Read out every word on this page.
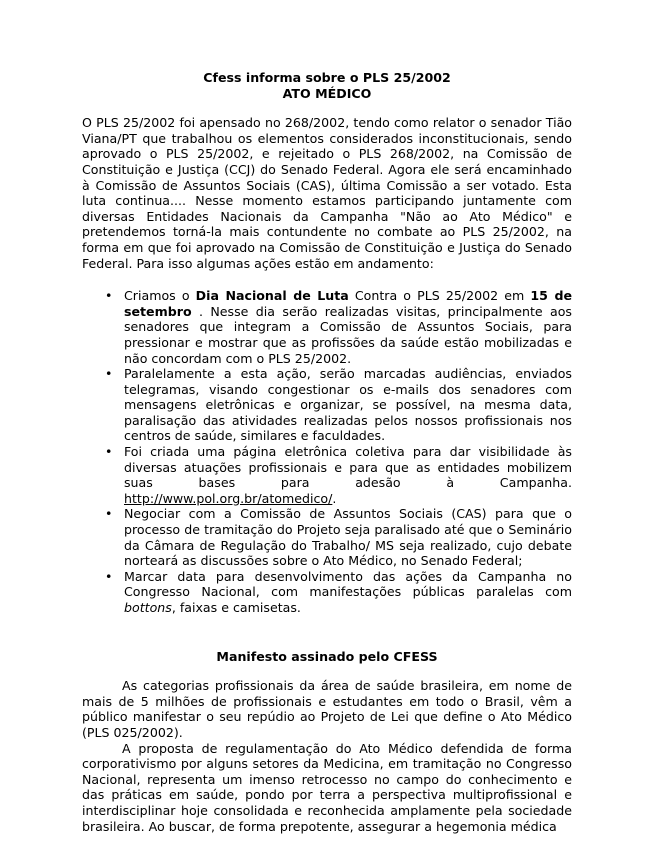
Cfess informa sobre o PLS 25/2002
ATO MÉDICO

O PLS 25/2002 foi apensado no 268/2002, tendo como relator o senador Tião Viana/PT que trabalhou os elementos considerados inconstitucionais, sendo aprovado o PLS 25/2002, e rejeitado o PLS 268/2002, na Comissão de Constituição e Justiça (CCJ) do Senado Federal. Agora ele será encaminhado à Comissão de Assuntos Sociais (CAS), última Comissão a ser votado. Esta luta continua.... Nesse momento estamos participando juntamente com diversas Entidades Nacionais da Campanha "Não ao Ato Médico" e pretendemos torná-la mais contundente no combate ao PLS 25/2002, na forma em que foi aprovado na Comissão de Constituição e Justiça do Senado Federal. Para isso algumas ações estão em andamento:

• Criamos o Dia Nacional de Luta Contra o PLS 25/2002 em 15 de setembro . Nesse dia serão realizadas visitas, principalmente aos senadores que integram a Comissão de Assuntos Sociais, para pressionar e mostrar que as profissões da saúde estão mobilizadas e não concordam com o PLS 25/2002.
• Paralelamente a esta ação, serão marcadas audiências, enviados telegramas, visando congestionar os e-mails dos senadores com mensagens eletrônicas e organizar, se possível, na mesma data, paralisação das atividades realizadas pelos nossos profissionais nos centros de saúde, similares e faculdades.
• Foi criada uma página eletrônica coletiva para dar visibilidade às diversas atuações profissionais e para que as entidades mobilizem suas bases para adesão à Campanha. http://www.pol.org.br/atomedico/.
• Negociar com a Comissão de Assuntos Sociais (CAS) para que o processo de tramitação do Projeto seja paralisado até que o Seminário da Câmara de Regulação do Trabalho/ MS seja realizado, cujo debate norteará as discussões sobre o Ato Médico, no Senado Federal;
• Marcar data para desenvolvimento das ações da Campanha no Congresso Nacional, com manifestações públicas paralelas com bottons, faixas e camisetas.

Manifesto assinado pelo CFESS

As categorias profissionais da área de saúde brasileira, em nome de mais de 5 milhões de profissionais e estudantes em todo o Brasil, vêm a público manifestar o seu repúdio ao Projeto de Lei que define o Ato Médico (PLS 025/2002).

A proposta de regulamentação do Ato Médico defendida de forma corporativismo por alguns setores da Medicina, em tramitação no Congresso Nacional, representa um imenso retrocesso no campo do conhecimento e das práticas em saúde, pondo por terra a perspectiva multiprofissional e interdisciplinar hoje consolidada e reconhecida amplamente pela sociedade brasileira. Ao buscar, de forma prepotente, assegurar a hegemonia médica
